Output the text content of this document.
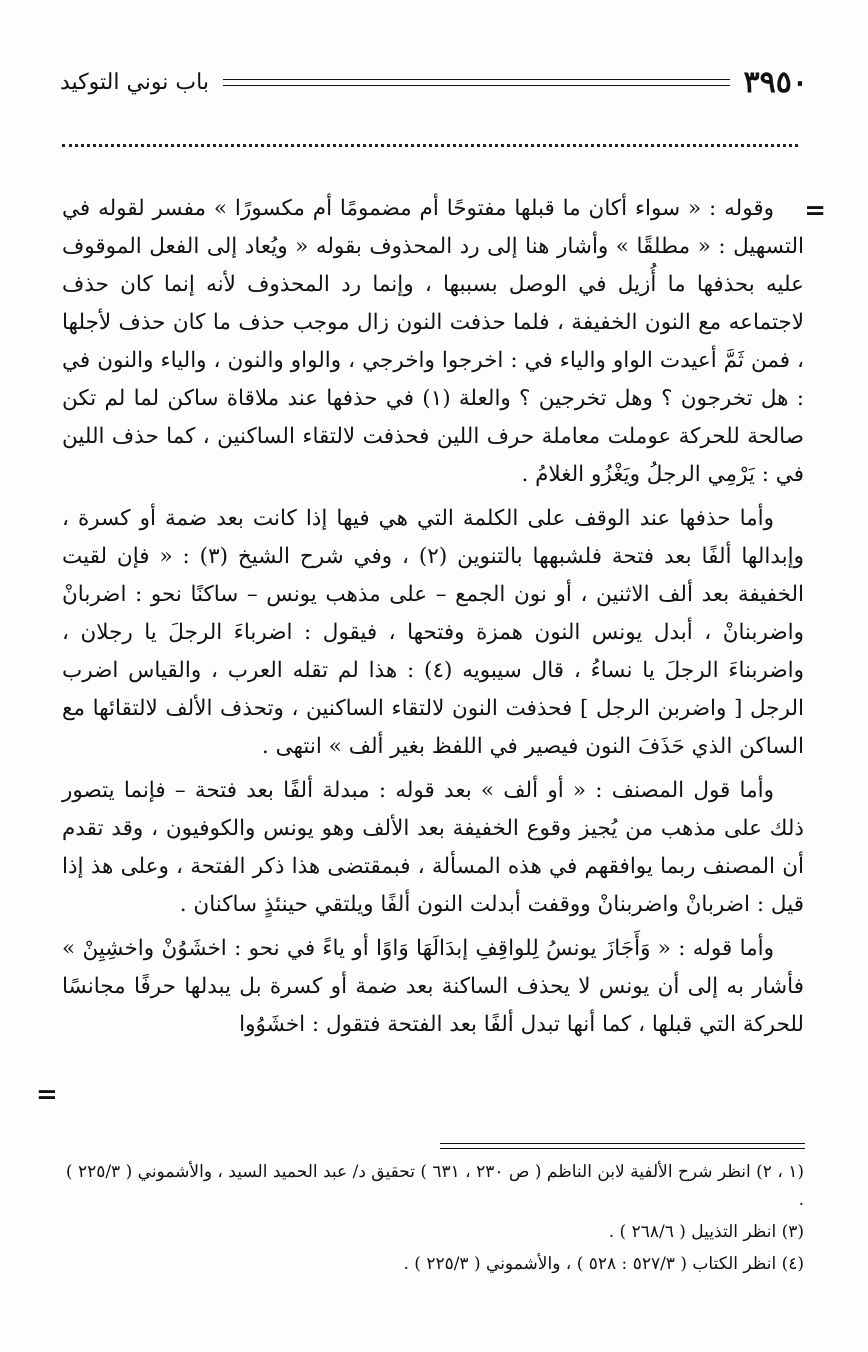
٣٩٥٠
باب نوني التوكيد
=
=

وقوله : « سواء أكان ما قبلها مفتوحًا أم مضمومًا أم مكسورًا » مفسر لقوله في التسهيل : « مطلقًا » وأشار هنا إلى رد المحذوف بقوله « ويُعاد إلى الفعل الموقوف عليه بحذفها ما أُزيل في الوصل بسببها ، وإنما رد المحذوف لأنه إنما كان حذف لاجتماعه مع النون الخفيفة ، فلما حذفت النون زال موجب حذف ما كان حذف لأجلها ، فمن ثَمَّ أعيدت الواو والياء في : اخرجوا واخرجي ، والواو والنون ، والياء والنون في : هل تخرجون ؟ وهل تخرجين ؟ والعلة (١) في حذفها عند ملاقاة ساكن لما لم تكن صالحة للحركة عوملت معاملة حرف اللين فحذفت لالتقاء الساكنين ، كما حذف اللين في : يَرْمِي الرجلُ ويَغْزُو الغلامُ .

وأما حذفها عند الوقف على الكلمة التي هي فيها إذا كانت بعد ضمة أو كسرة ، وإبدالها ألفًا بعد فتحة فلشبهها بالتنوين (٢) ، وفي شرح الشيخ (٣) : « فإن لقيت الخفيفة بعد ألف الاثنين ، أو نون الجمع – على مذهب يونس – ساكنًا نحو : اضربانْ واضربنانْ ، أبدل يونس النون همزة وفتحها ، فيقول : اضرباءَ الرجلَ يا رجلان ، واضربناءَ الرجلَ يا نساءُ ، قال سيبويه (٤) : هذا لم تقله العرب ، والقياس اضرب الرجل [ واضربن الرجل ] فحذفت النون لالتقاء الساكنين ، وتحذف الألف لالتقائها مع الساكن الذي حَذَفَ النون فيصير في اللفظ بغير ألف » انتهى .

وأما قول المصنف : « أو ألف » بعد قوله : مبدلة ألفًا بعد فتحة – فإنما يتصور ذلك على مذهب من يُجيز وقوع الخفيفة بعد الألف وهو يونس والكوفيون ، وقد تقدم أن المصنف ربما يوافقهم في هذه المسألة ، فبمقتضى هذا ذكر الفتحة ، وعلى هذ إذا قيل : اضربانْ واضربنانْ ووقفت أبدلت النون ألفًا ويلتقي حينئذٍ ساكنان .

وأما قوله : « وَأَجَازَ يونسُ لِلواقِفِ إبدَالَهَا وَاوًا أو ياءً في نحو : اخشَوُنْ واخشِيِنْ » فأشار به إلى أن يونس لا يحذف الساكنة بعد ضمة أو كسرة بل يبدلها حرفًا مجانسًا للحركة التي قبلها ، كما أنها تبدل ألفًا بعد الفتحة فتقول : اخشَوُوا

(١ ، ٢) انظر شرح الألفية لابن الناظم ( ص ٢٣٠ ، ٦٣١ ) تحقيق د/ عبد الحميد السيد ، والأشموني ( ٢٢٥/٣ ) .

(٣) انظر التذييل ( ٢٦٨/٦ ) .

(٤) انظر الكتاب ( ٥٢٧/٣ : ٥٢٨ ) ، والأشموني ( ٢٢٥/٣ ) .
